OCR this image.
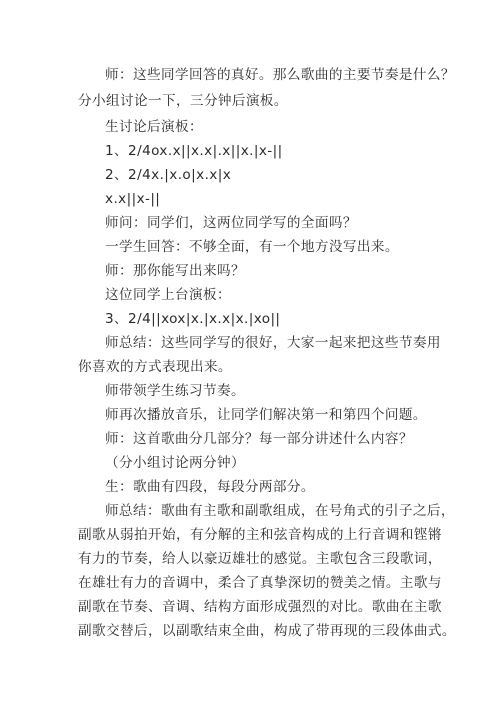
师：这些同学回答的真好。那么歌曲的主要节奏是什么？
分小组讨论一下，三分钟后演板。
生讨论后演板：
1、2/4ox.x||x.x|.x||x.|x-||
2、2/4x.|x.o|x.x|x
x.x||x-||
师问：同学们，这两位同学写的全面吗？
一学生回答：不够全面，有一个地方没写出来。
师：那你能写出来吗？
这位同学上台演板：
3、2/4||xox|x.|x.x|x.|xo||
师总结：这些同学写的很好，大家一起来把这些节奏用
你喜欢的方式表现出来。
师带领学生练习节奏。
师再次播放音乐，让同学们解决第一和第四个问题。
师：这首歌曲分几部分？每一部分讲述什么内容？
（分小组讨论两分钟）
生：歌曲有四段，每段分两部分。
师总结：歌曲有主歌和副歌组成，在号角式的引子之后，
副歌从弱拍开始，有分解的主和弦音构成的上行音调和铿锵
有力的节奏，给人以豪迈雄壮的感觉。主歌包含三段歌词，
在雄壮有力的音调中，柔合了真挚深切的赞美之情。主歌与
副歌在节奏、音调、结构方面形成强烈的对比。歌曲在主歌
副歌交替后，以副歌结束全曲，构成了带再现的三段体曲式。
